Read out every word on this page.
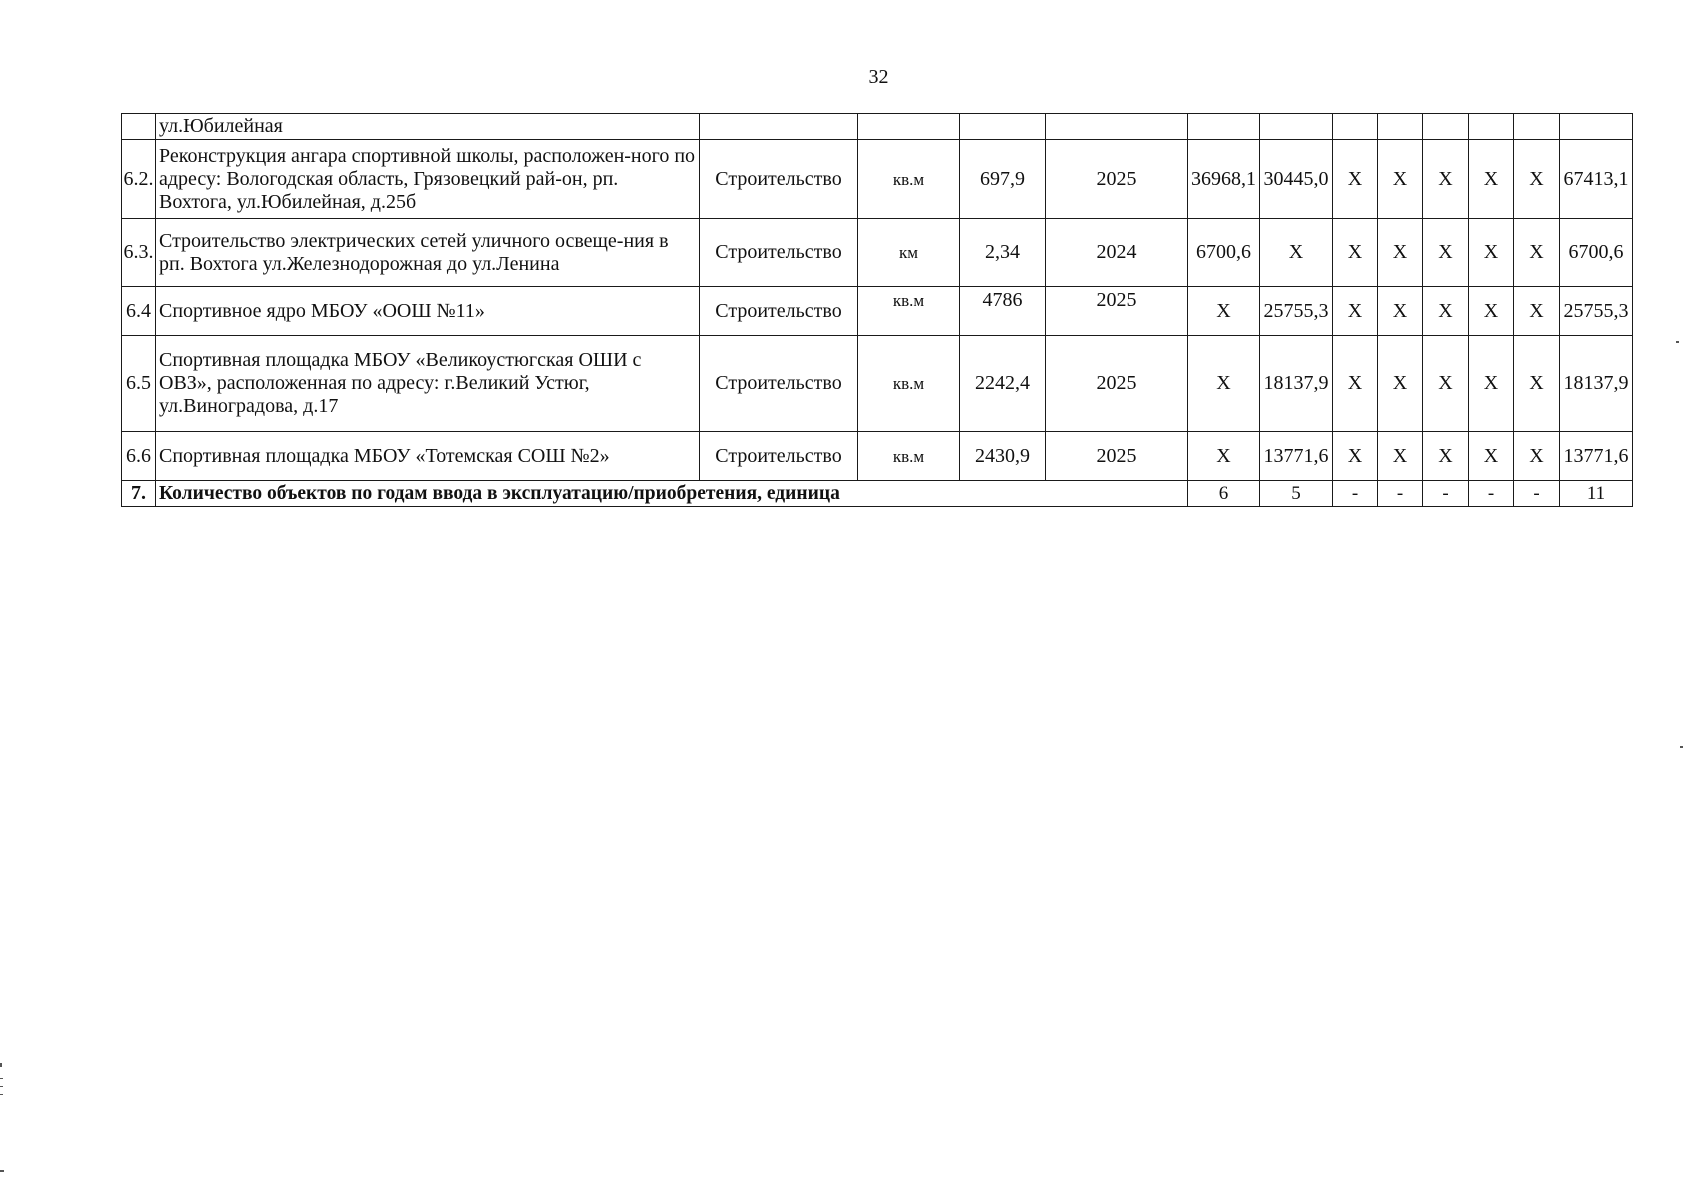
32
	ул.Юбилейная												
6.2.	Реконструкция ангара спортивной школы, расположен-ного по адресу: Вологодская область, Грязовецкий рай-он, рп. Вохтога, ул.Юбилейная, д.25б	Строительство	кв.м	697,9	2025	36968,1	30445,0	Х	Х	Х	Х	Х	67413,1
6.3.	Строительство электрических сетей уличного освеще-ния в рп. Вохтога ул.Железнодорожная до ул.Ленина	Строительство	км	2,34	2024	6700,6	Х	Х	Х	Х	Х	Х	6700,6
6.4	Спортивное ядро МБОУ «ООШ №11»	Строительство	кв.м	4786	2025	Х	25755,3	Х	Х	Х	Х	Х	25755,3
6.5	Спортивная площадка МБОУ «Великоустюгская ОШИ с ОВЗ», расположенная по адресу: г.Великий Устюг, ул.Виноградова, д.17	Строительство	кв.м	2242,4	2025	Х	18137,9	Х	Х	Х	Х	Х	18137,9
6.6	Спортивная площадка МБОУ «Тотемская СОШ №2»	Строительство	кв.м	2430,9	2025	Х	13771,6	Х	Х	Х	Х	Х	13771,6
7.	Количество объектов по годам ввода в эксплуатацию/приобретения, единица					6	5	-	-	-	-	-	11
